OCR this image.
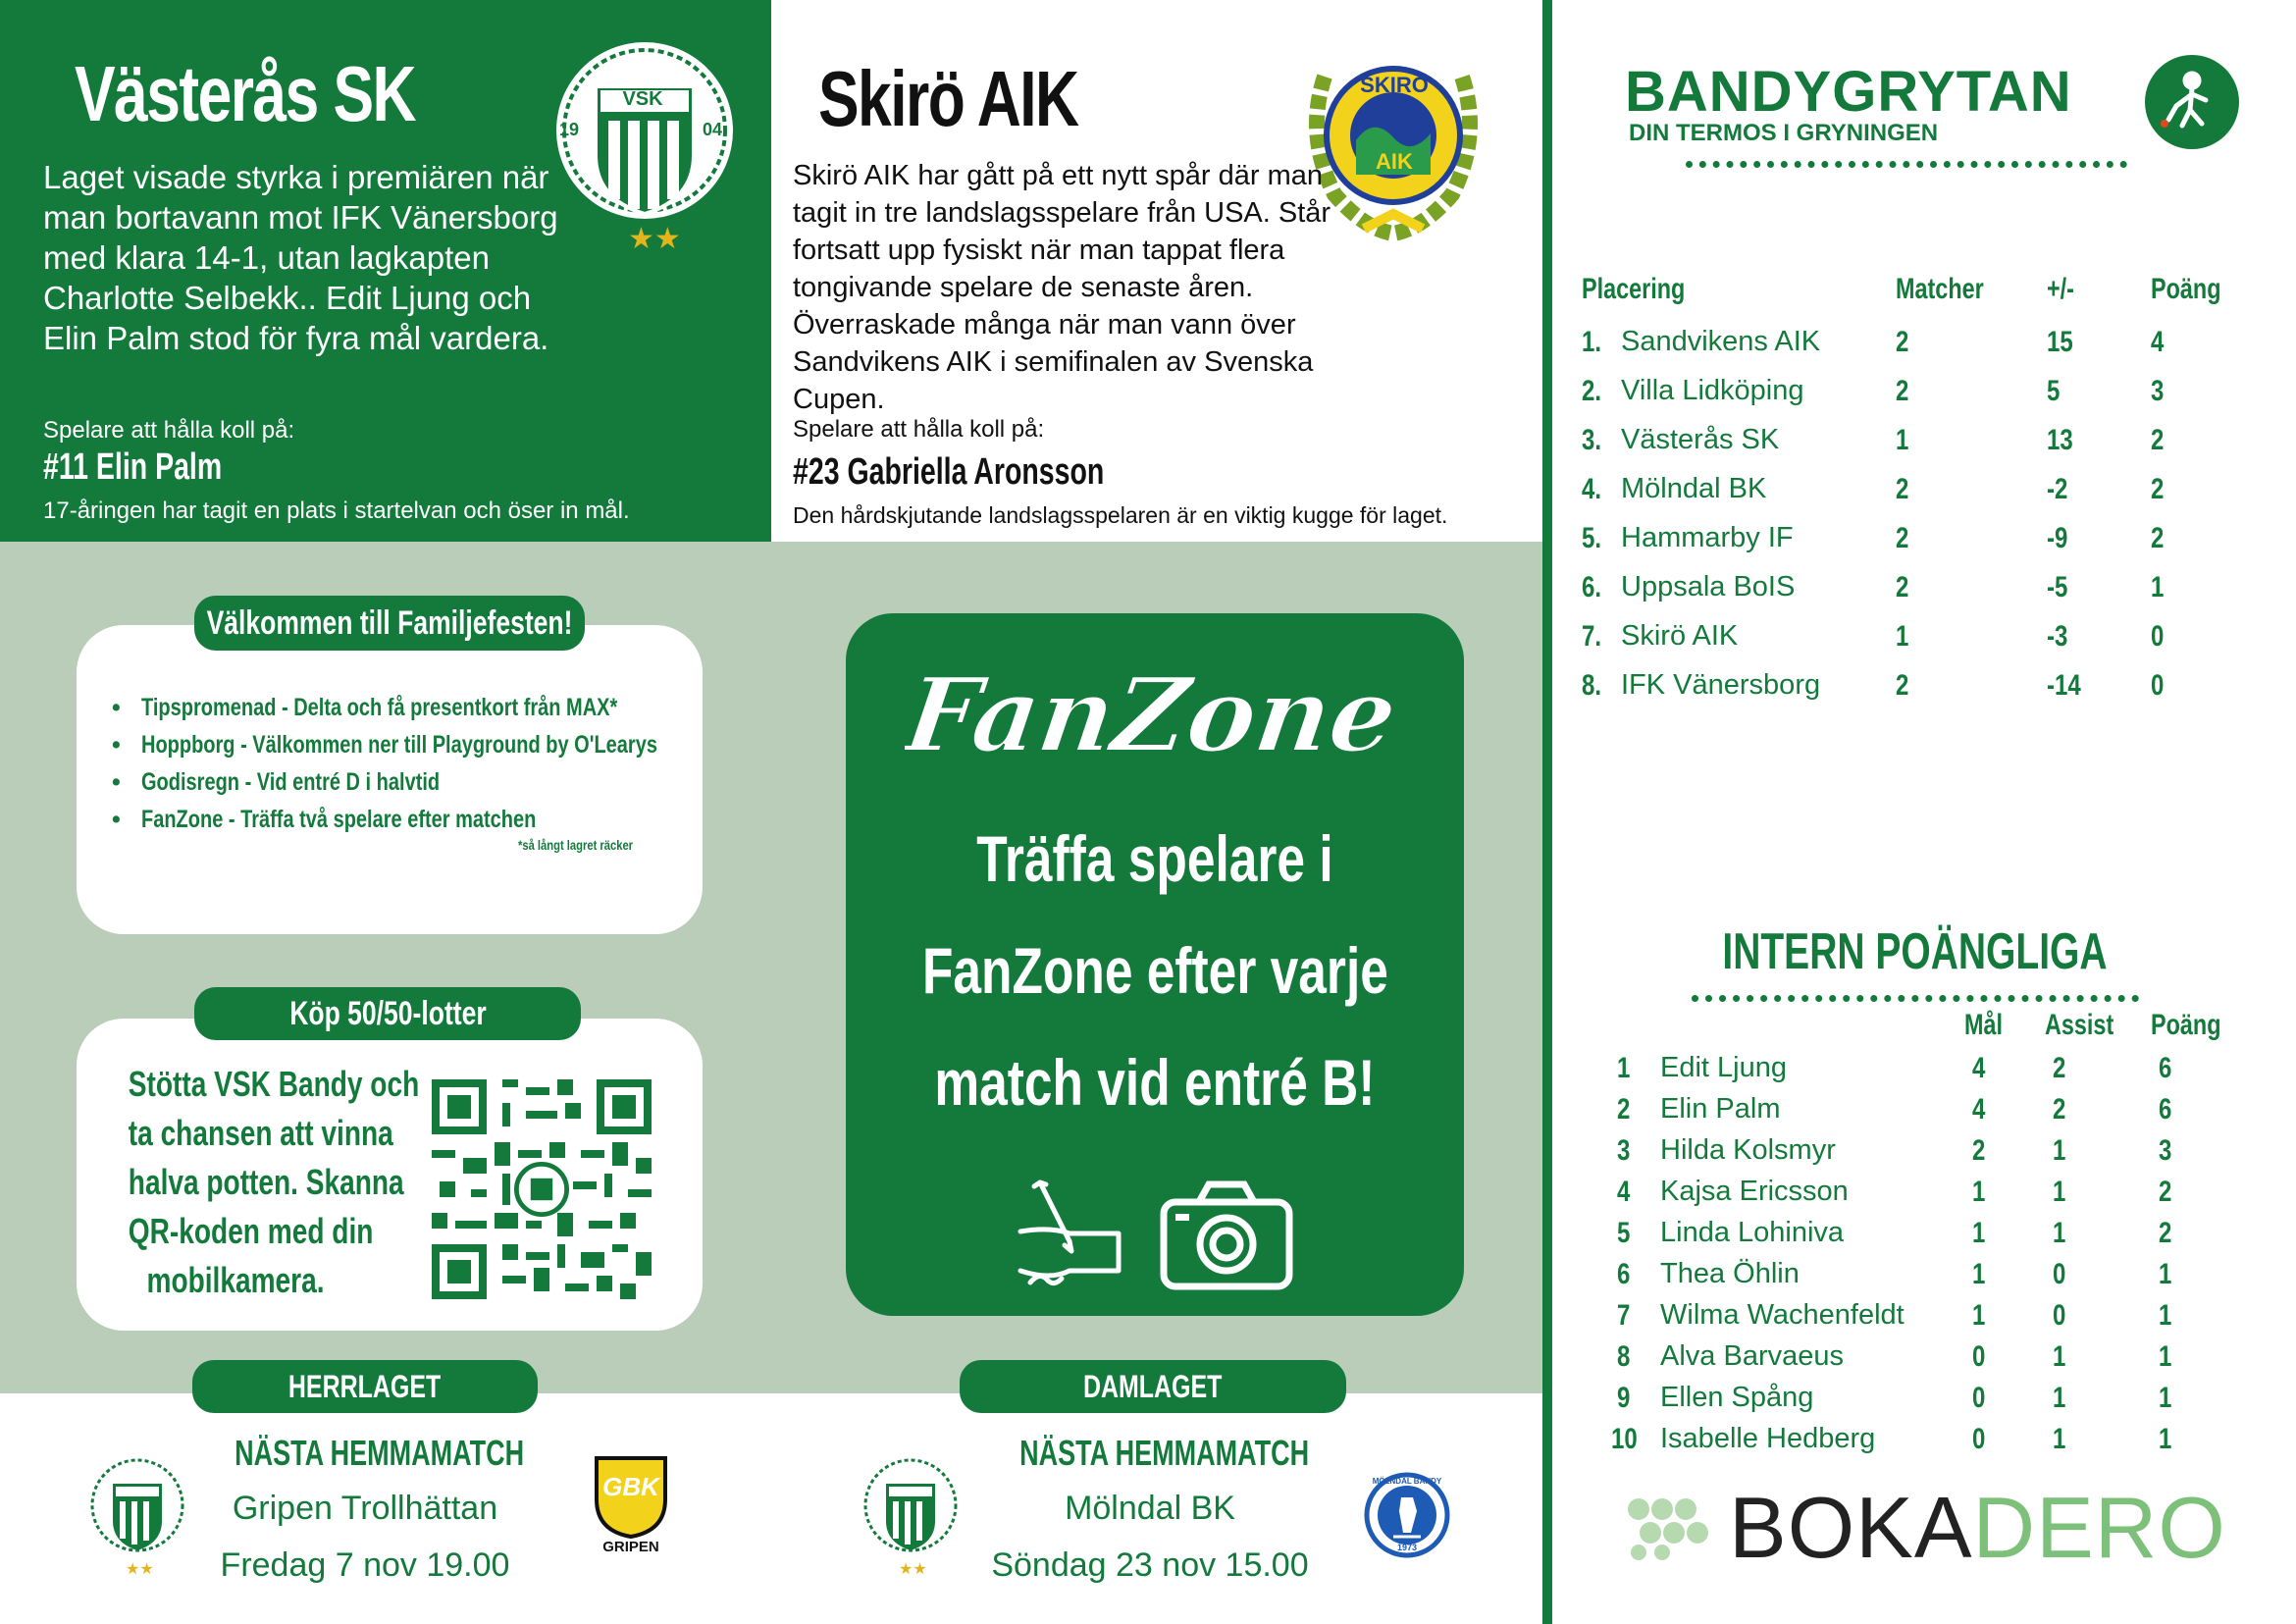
Västerås SK
★★
VSK
19	04
Laget visade styrka i premiären när man bortavann mot IFK Vänersborg med klara 14-1, utan lagkapten Charlotte Selbekk.. Edit Ljung och Elin Palm stod för fyra mål vardera.
Spelare att hålla koll på:
#11 Elin Palm
17-åringen har tagit en plats i startelvan och öser in mål.
Skirö AIK	SKIRÖ
AIK
Skirö AIK har gått på ett nytt spår där man tagit in tre landslagsspelare från USA. Står fortsatt upp fysiskt när man tappat flera tongivande spelare de senaste åren. Överraskade många när man vann över Sandvikens AIK i semifinalen av Svenska Cupen.
Spelare att hålla koll på:
#23 Gabriella Aronsson
Den hårdskjutande landslagsspelaren är en viktig kugge för laget.
• Tipspromenad - Delta och få presentkort från MAX*
• Hoppborg - Välkommen ner till Playground by O'Learys
• Godisregn - Vid entré D i halvtid
• FanZone - Träffa två spelare efter matchen
*så långt lagret räcker
Välkommen till Familjefesten!
Stötta VSK Bandy och
ta chansen att vinna
halva potten. Skanna
QR-koden med din
mobilkamera.
Köp 50/50-lotter
FanZone
Träffa spelare i
FanZone efter varje
match vid entré B!
HERRLAGET
NÄSTA HEMMAMATCH
Gripen Trollhättan
Fredag 7 nov 19.00
★★
GBK
GRIPEN
DAMLAGET
NÄSTA HEMMAMATCH
Mölndal BK
Söndag 23 nov 15.00
★★
MÖLNDAL BANDY
1973
BANDYGRYTAN
DIN TERMOS I GRYNINGEN
Placering	Matcher +/-	Poäng
1. Sandvikens AIK	2	15	4
2. Villa Lidköping	2	5	3
3. Västerås SK	1	13	2
4. Mölndal BK	2	-2	2
5. Hammarby IF	2	-9	2
6. Uppsala BoIS	2	-5	1
7. Skirö AIK	1	-3	0
8. IFK Vänersborg	2	-14 0
INTERN POÄNGLIGA
Mål Assist Poäng
1 Edit Ljung	4 2	6
2 Elin Palm	4 2	6
3 Hilda Kolsmyr	2 1	3
4 Kajsa Ericsson	1 1	2
5 Linda Lohiniva	1 1	2
6 Thea Öhlin	1 0	1
7 Wilma Wachenfeldt 1 0	1
8 Alva Barvaeus	0 1	1
9 Ellen Spång	0 1	1
10 Isabelle Hedberg	0 1	1
BOKADERO
